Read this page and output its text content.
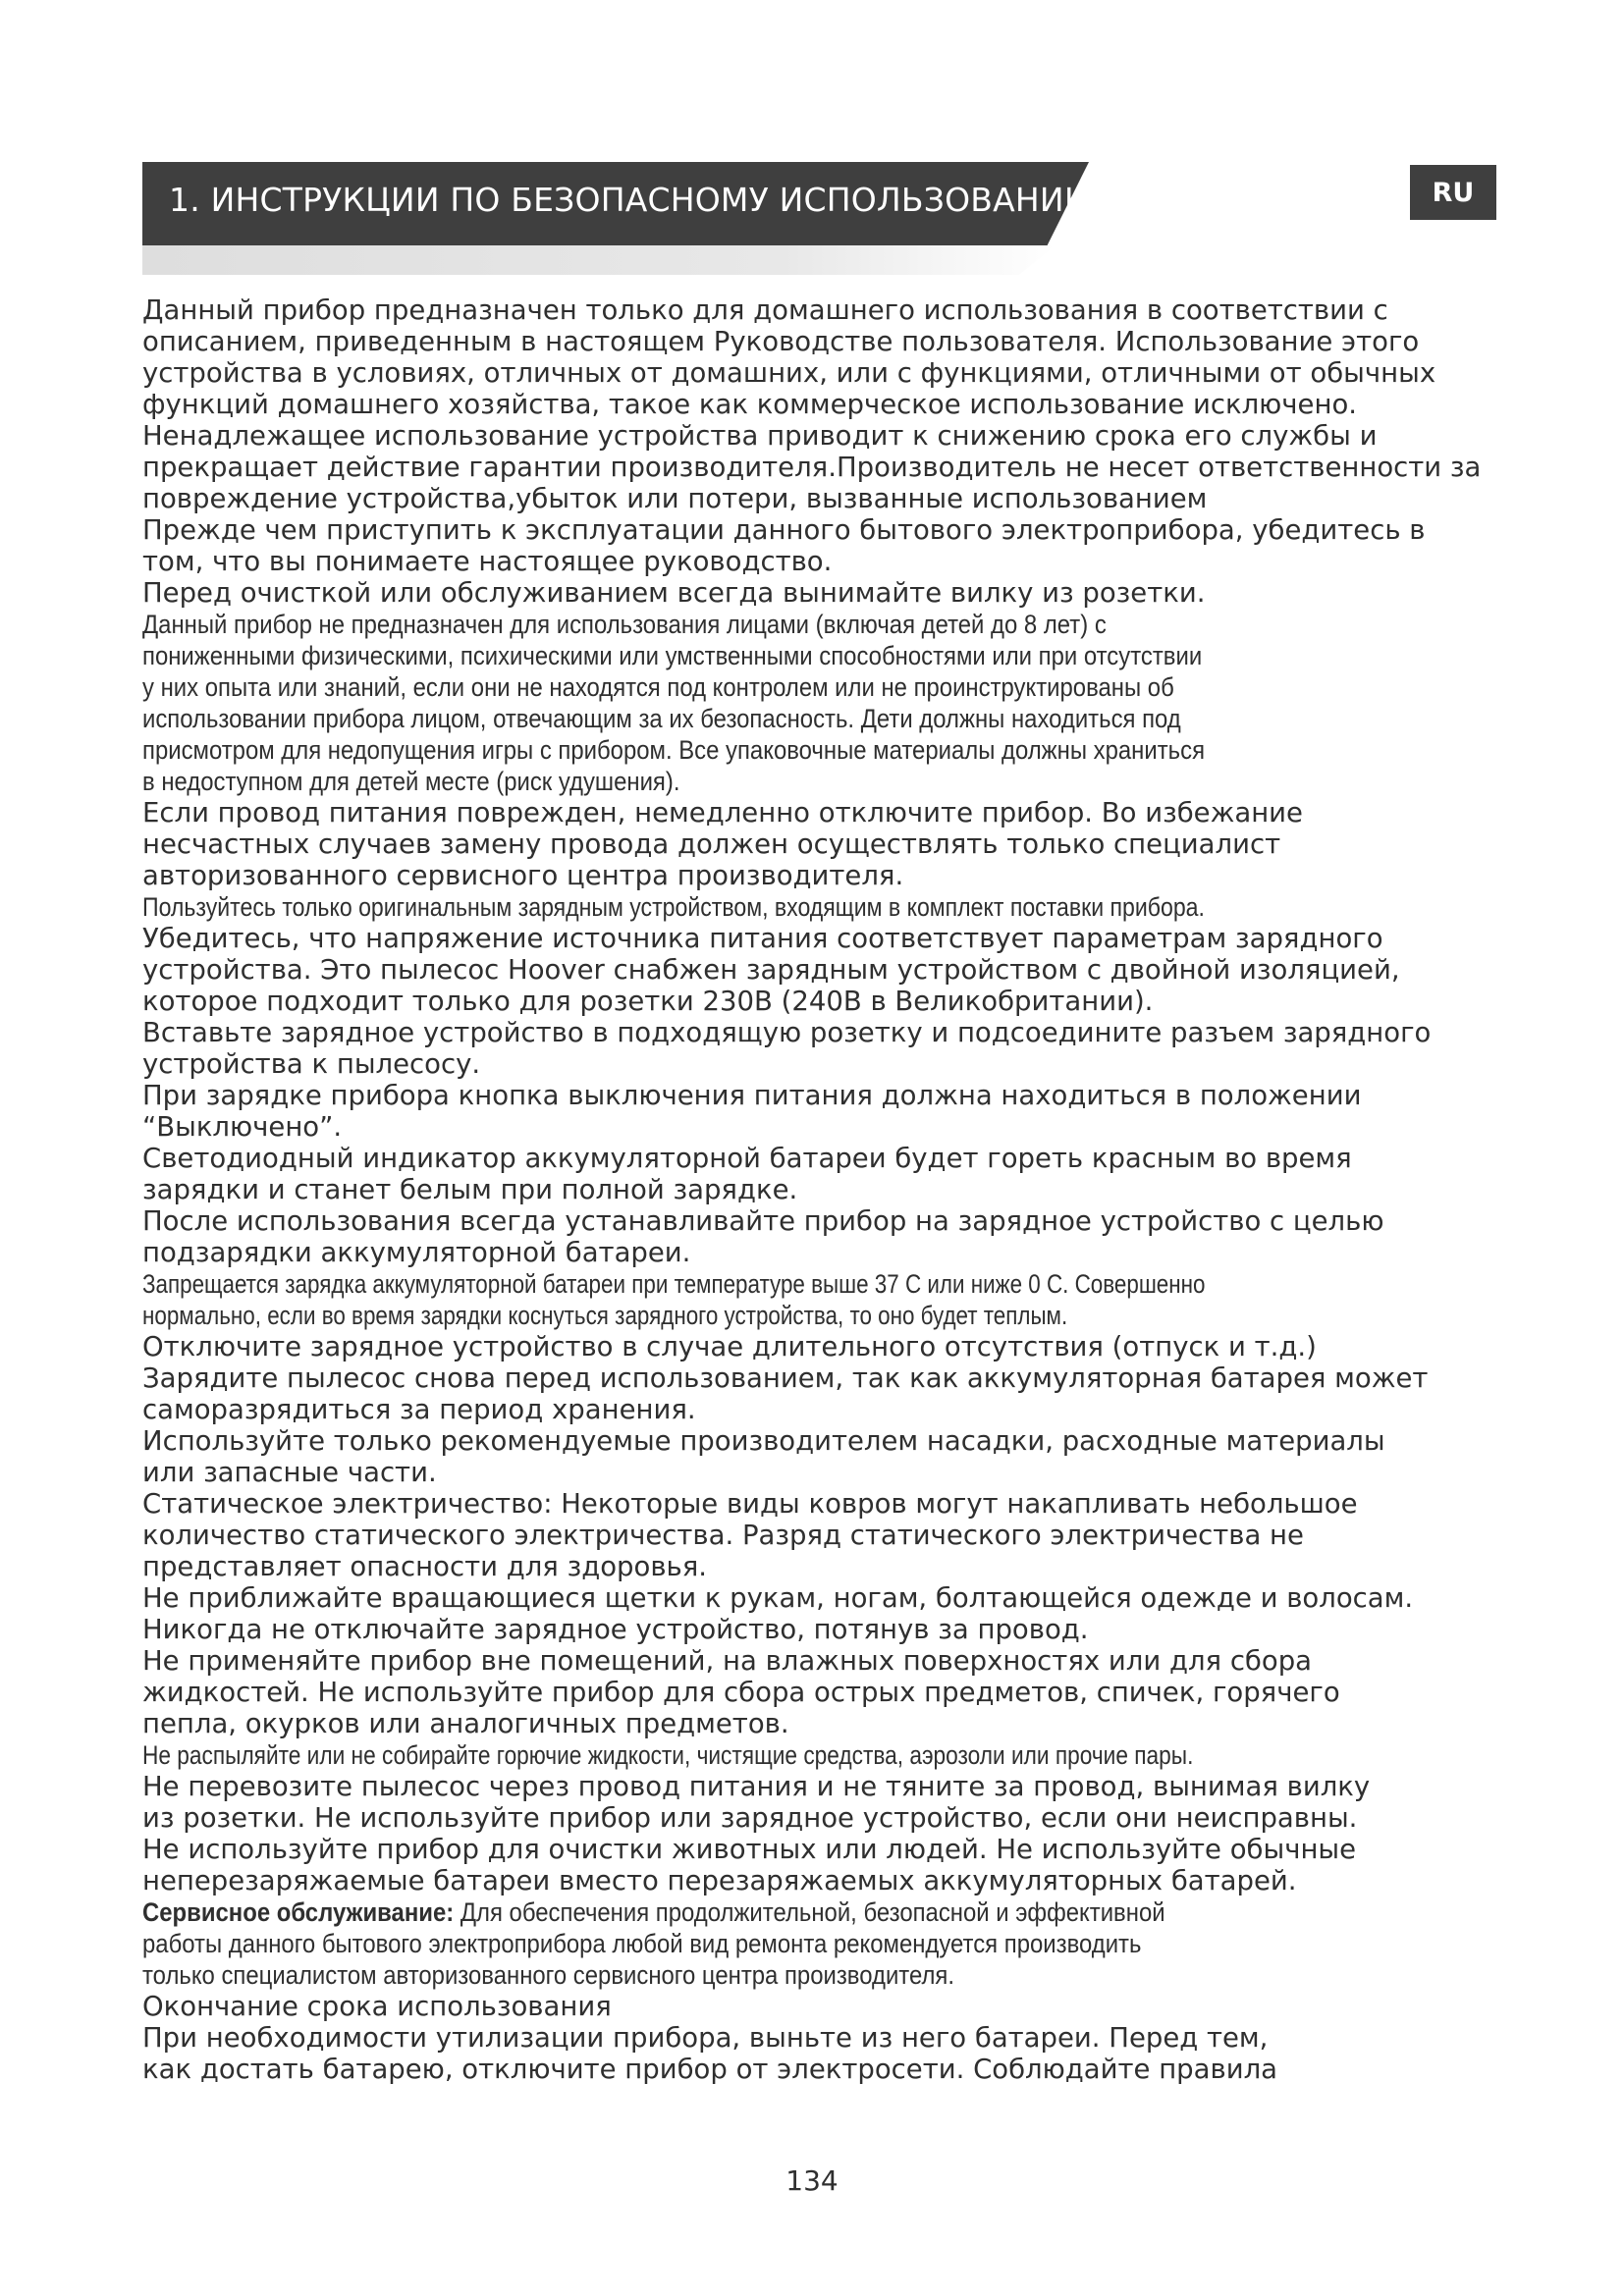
1. ИНСТРУКЦИИ ПО БЕЗОПАСНОМУ ИСПОЛЬЗОВАНИЮ	RU

Данный прибор предназначен только для домашнего использования в соответствии с
описанием, приведенным в настоящем Руководстве пользователя. Использование этого
устройства в условиях, отличных от домашних, или с функциями, отличными от обычных
функций домашнего хозяйства, такое как коммерческое использование исключено.

Ненадлежащее использование устройства приводит к снижению срока его службы и
прекращает действие гарантии производителя.Производитель не несет ответственности за
повреждение устройства,убыток или потери, вызванные использованием

Прежде чем приступить к эксплуатации данного бытового электроприбора, убедитесь в
том, что вы понимаете настоящее руководство.

Перед очисткой или обслуживанием всегда вынимайте вилку из розетки.

Данный прибор не предназначен для использования лицами (включая детей до 8 лет) с
пониженными физическими, психическими или умственными способностями или при отсутствии
у них опыта или знаний, если они не находятся под контролем или не проинструктированы об
использовании прибора лицом, отвечающим за их безопасность. Дети должны находиться под
присмотром для недопущения игры с прибором. Все упаковочные материалы должны храниться
в недоступном для детей месте (риск удушения).

Если провод питания поврежден, немедленно отключите прибор. Во избежание
несчастных случаев замену провода должен осуществлять только специалист
авторизованного сервисного центра производителя.

Пользуйтесь только оригинальным зарядным устройством, входящим в комплект поставки прибора.

Убедитесь, что напряжение источника питания соответствует параметрам зарядного
устройства. Это пылесос Hoover снабжен зарядным устройством с двойной изоляцией,
которое подходит только для розетки 230В (240В в Великобритании).

Вставьте зарядное устройство в подходящую розетку и подсоедините разъем зарядного
устройства к пылесосу.

При зарядке прибора кнопка выключения питания должна находиться в положении
“Выключено”.

Светодиодный индикатор аккумуляторной батареи будет гореть красным во время
зарядки и станет белым при полной зарядке.

После использования всегда устанавливайте прибор на зарядное устройство с целью
подзарядки аккумуляторной батареи.

Запрещается зарядка аккумуляторной батареи при температуре выше 37 С или ниже 0 С. Совершенно
нормально, если во время зарядки коснуться зарядного устройства, то оно будет теплым.

Отключите зарядное устройство в случае длительного отсутствия (отпуск и т.д.)

Зарядите пылесос снова перед использованием, так как аккумуляторная батарея может
саморазрядиться за период хранения.

Используйте только рекомендуемые производителем насадки, расходные материалы
или запасные части.

Статическое электричество: Некоторые виды ковров могут накапливать небольшое
количество статического электричества. Разряд статического электричества не
представляет опасности для здоровья.

Не приближайте вращающиеся щетки к рукам, ногам, болтающейся одежде и волосам.

Никогда не отключайте зарядное устройство, потянув за провод.

Не применяйте прибор вне помещений, на влажных поверхностях или для сбора
жидкостей. Не используйте прибор для сбора острых предметов, спичек, горячего
пепла, окурков или аналогичных предметов.

Не распыляйте или не собирайте горючие жидкости, чистящие средства, аэрозоли или прочие пары.

Не перевозите пылесос через провод питания и не тяните за провод, вынимая вилку
из розетки. Не используйте прибор или зарядное устройство, если они неисправны.

Не используйте прибор для очистки животных или людей. Не используйте обычные
неперезаряжаемые батареи вместо перезаряжаемых аккумуляторных батарей.

Сервисное обслуживание: Для обеспечения продолжительной, безопасной и эффективной
работы данного бытового электроприбора любой вид ремонта рекомендуется производить
только специалистом авторизованного сервисного центра производителя.

Окончание срока использования

При необходимости утилизации прибора, выньте из него батареи. Перед тем,
как достать батарею, отключите прибор от электросети. Соблюдайте правила

134
